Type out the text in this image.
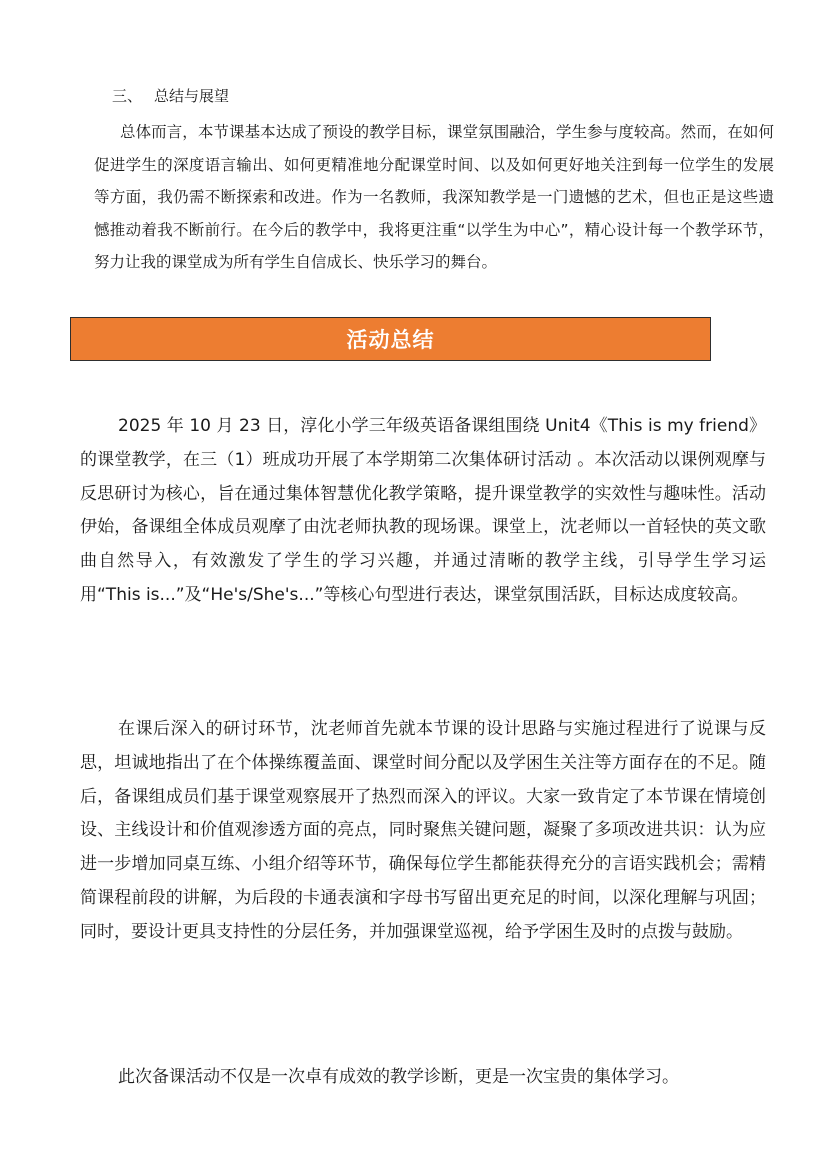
三、 总结与展望

总体而言，本节课基本达成了预设的教学目标，课堂氛围融洽，学生参与度较高。然而，在如何促进学生的深度语言输出、如何更精准地分配课堂时间、以及如何更好地关注到每一位学生的发展等方面，我仍需不断探索和改进。作为一名教师，我深知教学是一门遗憾的艺术，但也正是这些遗憾推动着我不断前行。在今后的教学中，我将更注重“以学生为中心”，精心设计每一个教学环节，努力让我的课堂成为所有学生自信成长、快乐学习的舞台。

活动总结

2025 年 10 月 23 日，淳化小学三年级英语备课组围绕 Unit4《This is my friend》的课堂教学，在三（1）班成功开展了本学期第二次集体研讨活动 。本次活动以课例观摩与反思研讨为核心，旨在通过集体智慧优化教学策略，提升课堂教学的实效性与趣味性。活动伊始，备课组全体成员观摩了由沈老师执教的现场课。课堂上，沈老师以一首轻快的英文歌曲自然导入，有效激发了学生的学习兴趣，并通过清晰的教学主线，引导学生学习运用“This is...”及“He's/She's...”等核心句型进行表达，课堂氛围活跃，目标达成度较高。

在课后深入的研讨环节，沈老师首先就本节课的设计思路与实施过程进行了说课与反思，坦诚地指出了在个体操练覆盖面、课堂时间分配以及学困生关注等方面存在的不足。随后，备课组成员们基于课堂观察展开了热烈而深入的评议。大家一致肯定了本节课在情境创设、主线设计和价值观渗透方面的亮点，同时聚焦关键问题，凝聚了多项改进共识：认为应进一步增加同桌互练、小组介绍等环节，确保每位学生都能获得充分的言语实践机会；需精简课程前段的讲解，为后段的卡通表演和字母书写留出更充足的时间，以深化理解与巩固；同时，要设计更具支持性的分层任务，并加强课堂巡视，给予学困生及时的点拨与鼓励。

此次备课活动不仅是一次卓有成效的教学诊断，更是一次宝贵的集体学习。
